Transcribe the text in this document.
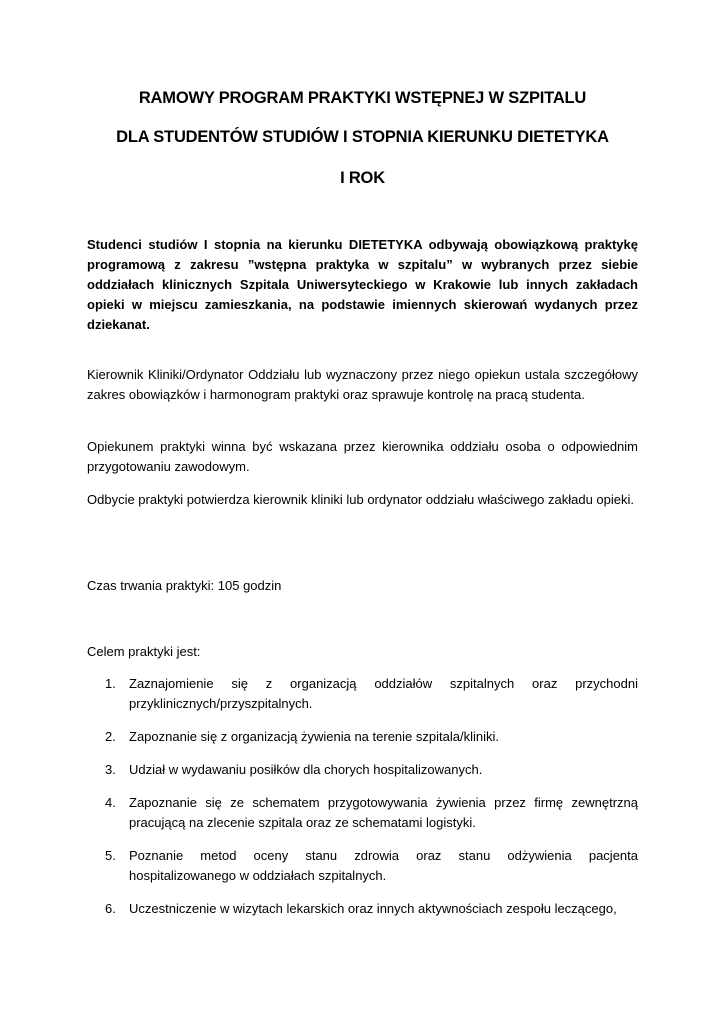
RAMOWY PROGRAM PRAKTYKI WSTĘPNEJ W SZPITALU
DLA STUDENTÓW STUDIÓW I STOPNIA KIERUNKU DIETETYKA
I ROK
Studenci studiów I stopnia na kierunku DIETETYKA odbywają obowiązkową praktykę programową z zakresu ”wstępna praktyka w szpitalu” w wybranych przez siebie oddziałach klinicznych Szpitala Uniwersyteckiego w Krakowie lub innych zakładach opieki w miejscu zamieszkania, na podstawie imiennych skierowań wydanych przez dziekanat.
Kierownik Kliniki/Ordynator Oddziału lub wyznaczony przez niego opiekun ustala szczegółowy zakres obowiązków i harmonogram praktyki oraz sprawuje kontrolę na pracą studenta.
Opiekunem praktyki winna być wskazana przez kierownika oddziału osoba o odpowiednim przygotowaniu zawodowym.
Odbycie praktyki potwierdza kierownik kliniki lub ordynator oddziału właściwego zakładu opieki.
Czas trwania praktyki: 105 godzin
Celem praktyki jest:
1. Zaznajomienie się z organizacją oddziałów szpitalnych oraz przychodni przyklinicznych/przyszpitalnych.
2. Zapoznanie się z organizacją żywienia na terenie szpitala/kliniki.
3. Udział w wydawaniu posiłków dla chorych hospitalizowanych.
4. Zapoznanie się ze schematem przygotowywania żywienia przez firmę zewnętrzną pracującą na zlecenie szpitala oraz ze schematami logistyki.
5. Poznanie metod oceny stanu zdrowia oraz stanu odżywienia pacjenta hospitalizowanego w oddziałach szpitalnych.
6. Uczestniczenie w wizytach lekarskich oraz innych aktywnościach zespołu leczącego,
